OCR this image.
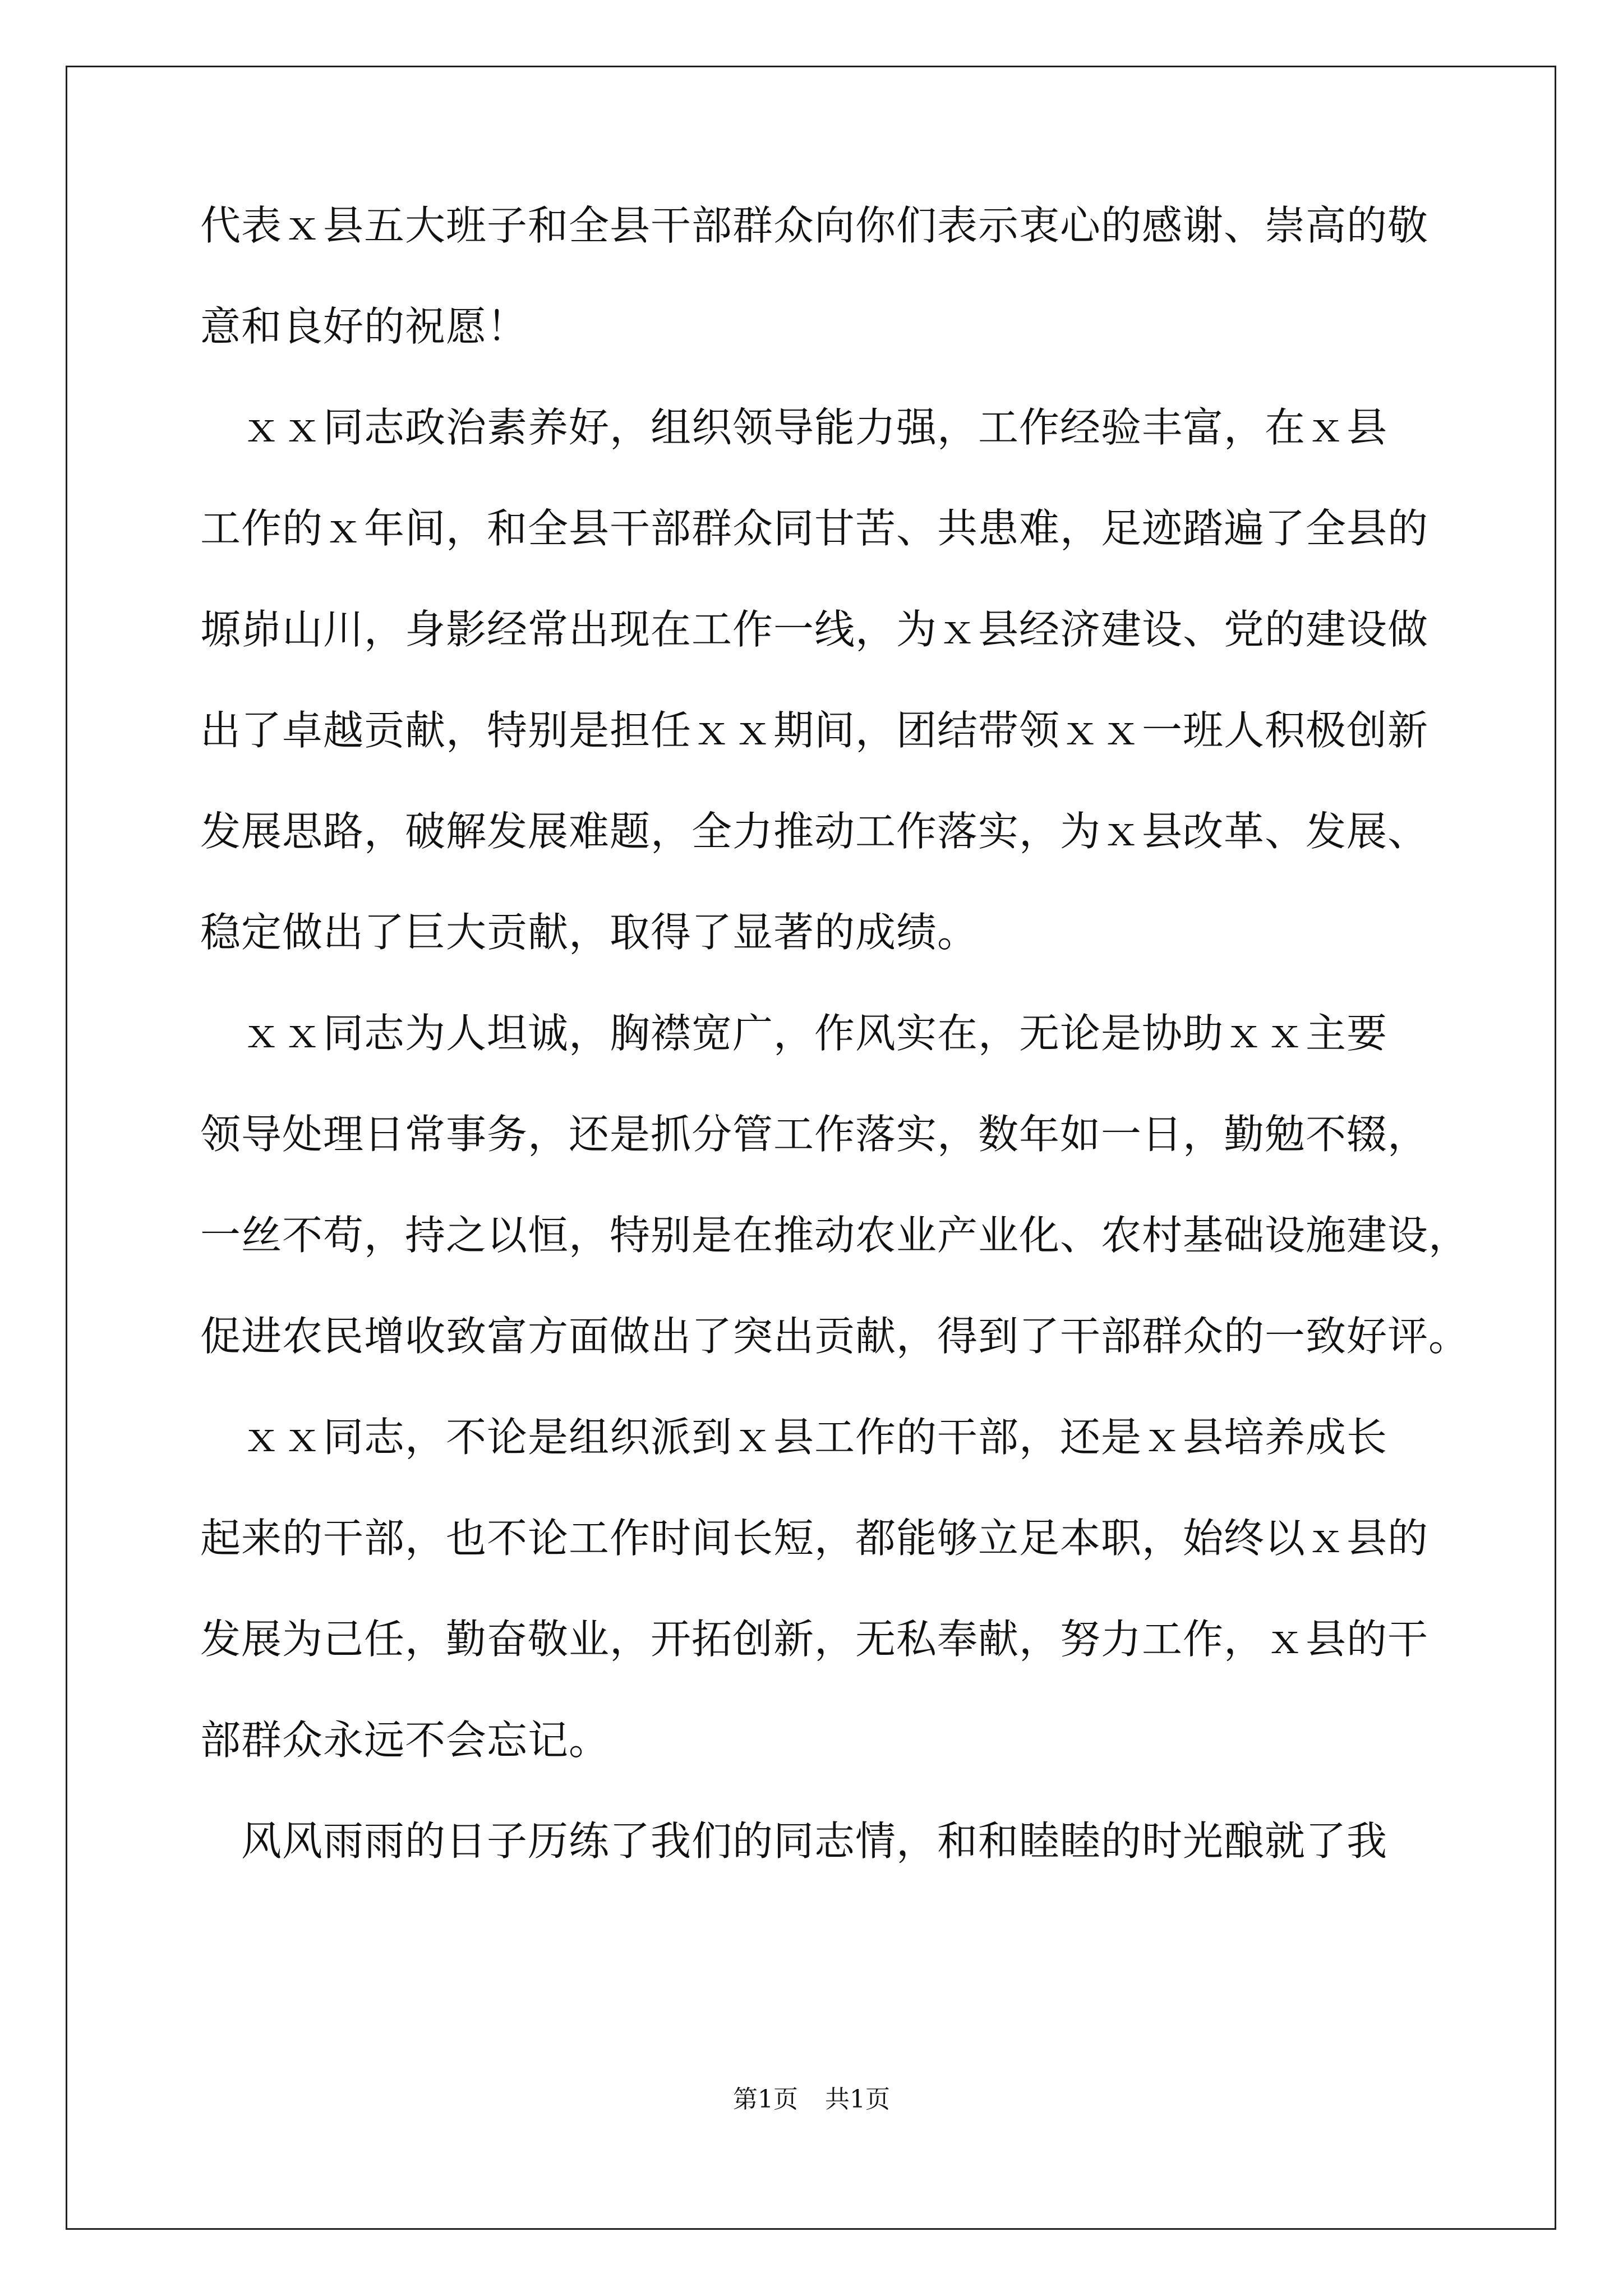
代表ｘ县五大班子和全县干部群众向你们表示衷心的感谢、崇高的敬
意和良好的祝愿！
　ｘｘ同志政治素养好，组织领导能力强，工作经验丰富，在ｘ县
工作的ｘ年间，和全县干部群众同甘苦、共患难，足迹踏遍了全县的
塬峁山川，身影经常出现在工作一线，为ｘ县经济建设、党的建设做
出了卓越贡献，特别是担任ｘｘ期间，团结带领ｘｘ一班人积极创新
发展思路，破解发展难题，全力推动工作落实，为ｘ县改革、发展、
稳定做出了巨大贡献，取得了显著的成绩。
　ｘｘ同志为人坦诚，胸襟宽广，作风实在，无论是协助ｘｘ主要
领导处理日常事务，还是抓分管工作落实，数年如一日，勤勉不辍，
一丝不苟，持之以恒，特别是在推动农业产业化、农村基础设施建设，
促进农民增收致富方面做出了突出贡献，得到了干部群众的一致好评。
　ｘｘ同志，不论是组织派到ｘ县工作的干部，还是ｘ县培养成长
起来的干部，也不论工作时间长短，都能够立足本职，始终以ｘ县的
发展为己任，勤奋敬业，开拓创新，无私奉献，努力工作，ｘ县的干
部群众永远不会忘记。
　风风雨雨的日子历练了我们的同志情，和和睦睦的时光酿就了我
第1页 共1页
